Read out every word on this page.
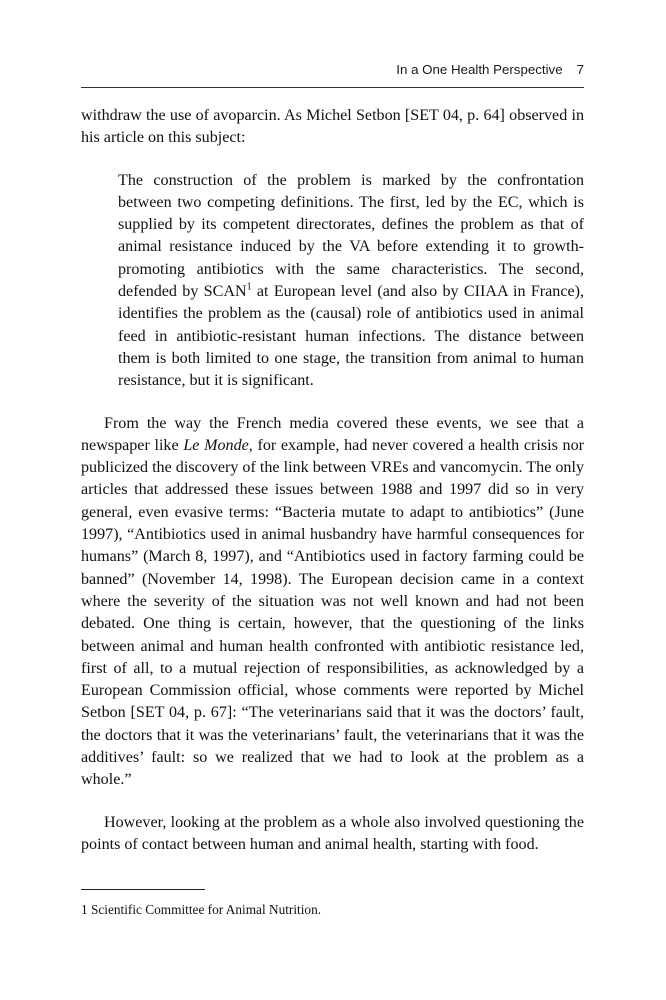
In a One Health Perspective 7

withdraw the use of avoparcin. As Michel Setbon [SET 04, p. 64] observed in his article on this subject:

The construction of the problem is marked by the confrontation between two competing definitions. The first, led by the EC, which is supplied by its competent directorates, defines the problem as that of animal resistance induced by the VA before extending it to growth-promoting antibiotics with the same characteristics. The second, defended by SCAN$^1$ at European level (and also by CIIAA in France), identifies the problem as the (causal) role of antibiotics used in animal feed in antibiotic-resistant human infections. The distance between them is both limited to one stage, the transition from animal to human resistance, but it is significant.

From the way the French media covered these events, we see that a newspaper like Le Monde, for example, had never covered a health crisis nor publicized the discovery of the link between VREs and vancomycin. The only articles that addressed these issues between 1988 and 1997 did so in very general, even evasive terms: “Bacteria mutate to adapt to antibiotics” (June 1997), “Antibiotics used in animal husbandry have harmful consequences for humans” (March 8, 1997), and “Antibiotics used in factory farming could be banned” (November 14, 1998). The European decision came in a context where the severity of the situation was not well known and had not been debated. One thing is certain, however, that the questioning of the links between animal and human health confronted with antibiotic resistance led, first of all, to a mutual rejection of responsibilities, as acknowledged by a European Commission official, whose comments were reported by Michel Setbon [SET 04, p. 67]: “The veterinarians said that it was the doctors’ fault, the doctors that it was the veterinarians’ fault, the veterinarians that it was the additives’ fault: so we realized that we had to look at the problem as a whole.”

However, looking at the problem as a whole also involved questioning the points of contact between human and animal health, starting with food.

1 Scientific Committee for Animal Nutrition.
